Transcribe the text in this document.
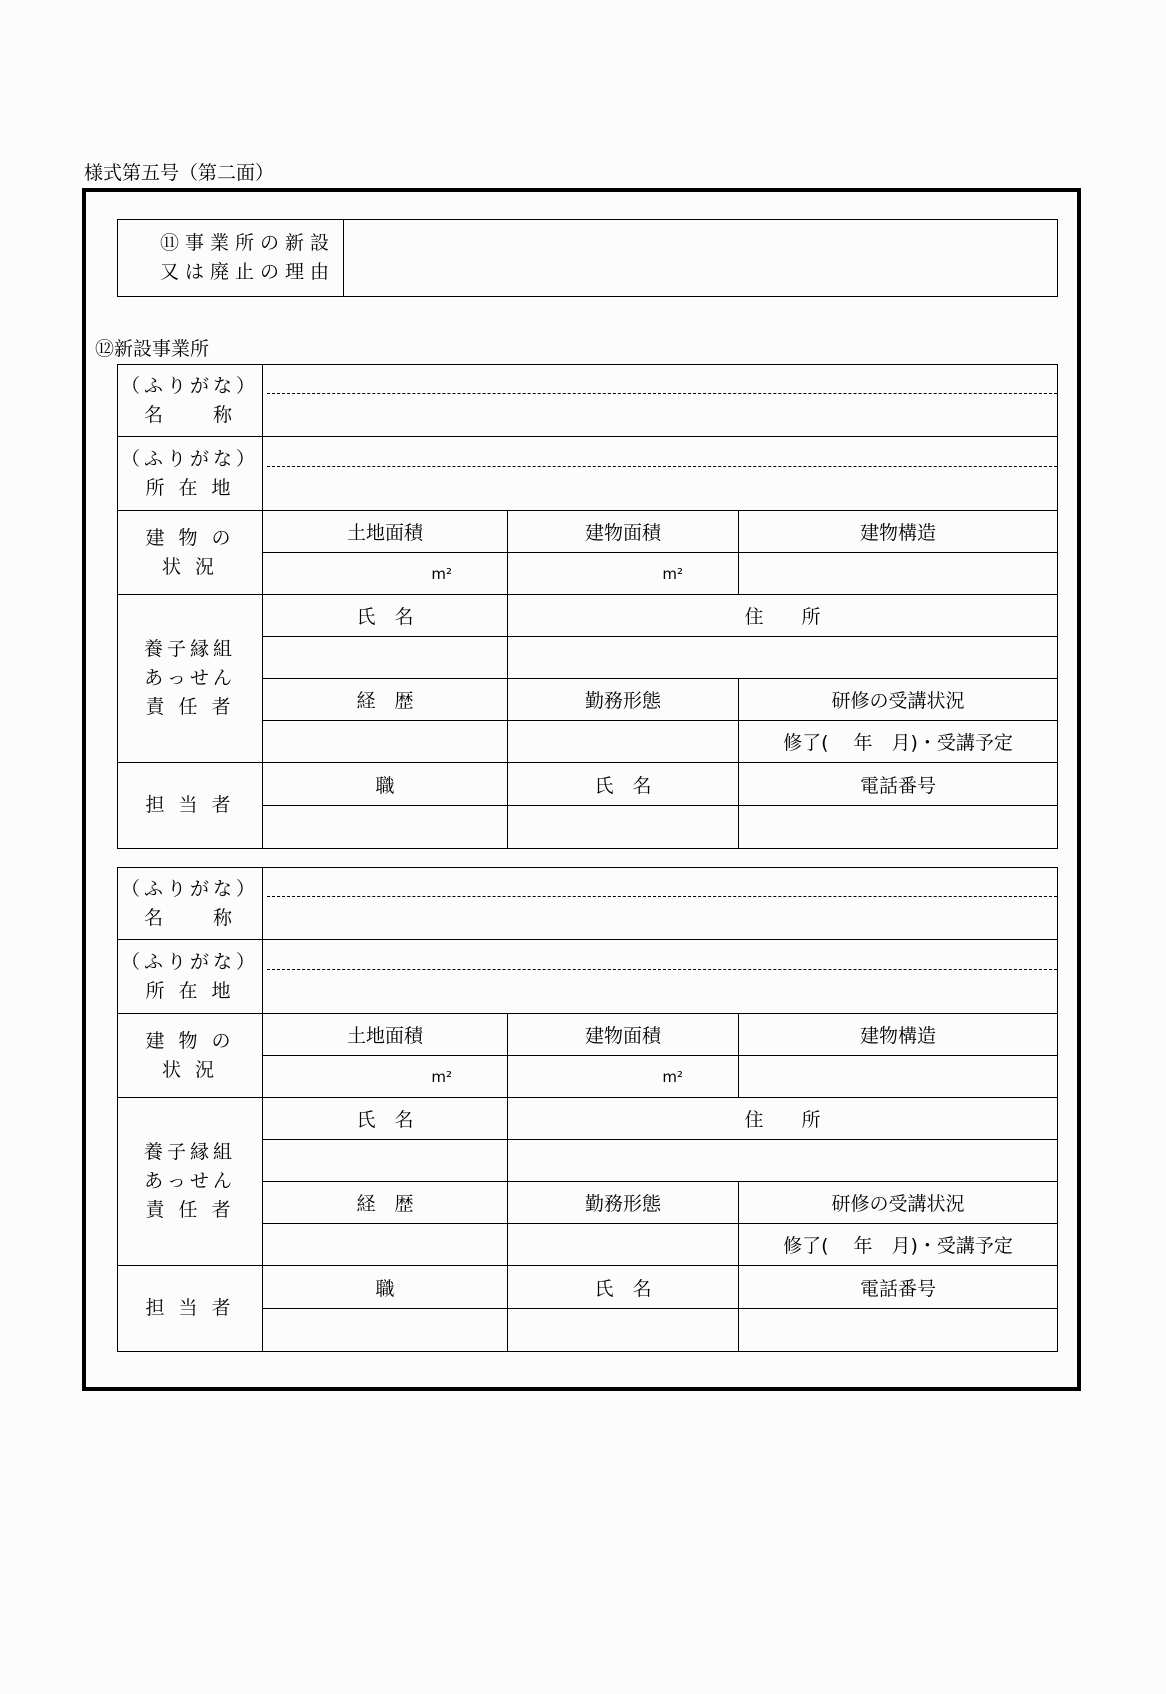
様式第五号（第二面）
⑪事業所の新設
又は廃止の理由

⑫新設事業所
（ふりがな）
名　　称			

（ふりがな）
所 在 地			

建 物 の
状 況	土地面積	建物面積	建物構造
	m²	m²	

養子縁組
あっせん
責 任 者	氏　名	住　　所	

	経　歴	勤務形態	研修の受講状況
			修了(　 年　月)・受講予定
担 当 者	職	氏　名	電話番号

（ふりがな）
名　　称			

（ふりがな）
所 在 地			

建 物 の
状 況	土地面積	建物面積	建物構造
	m²	m²	

養子縁組
あっせん
責 任 者	氏　名	住　　所	

	経　歴	勤務形態	研修の受講状況
			修了(　 年　月)・受講予定
担 当 者	職	氏　名	電話番号
